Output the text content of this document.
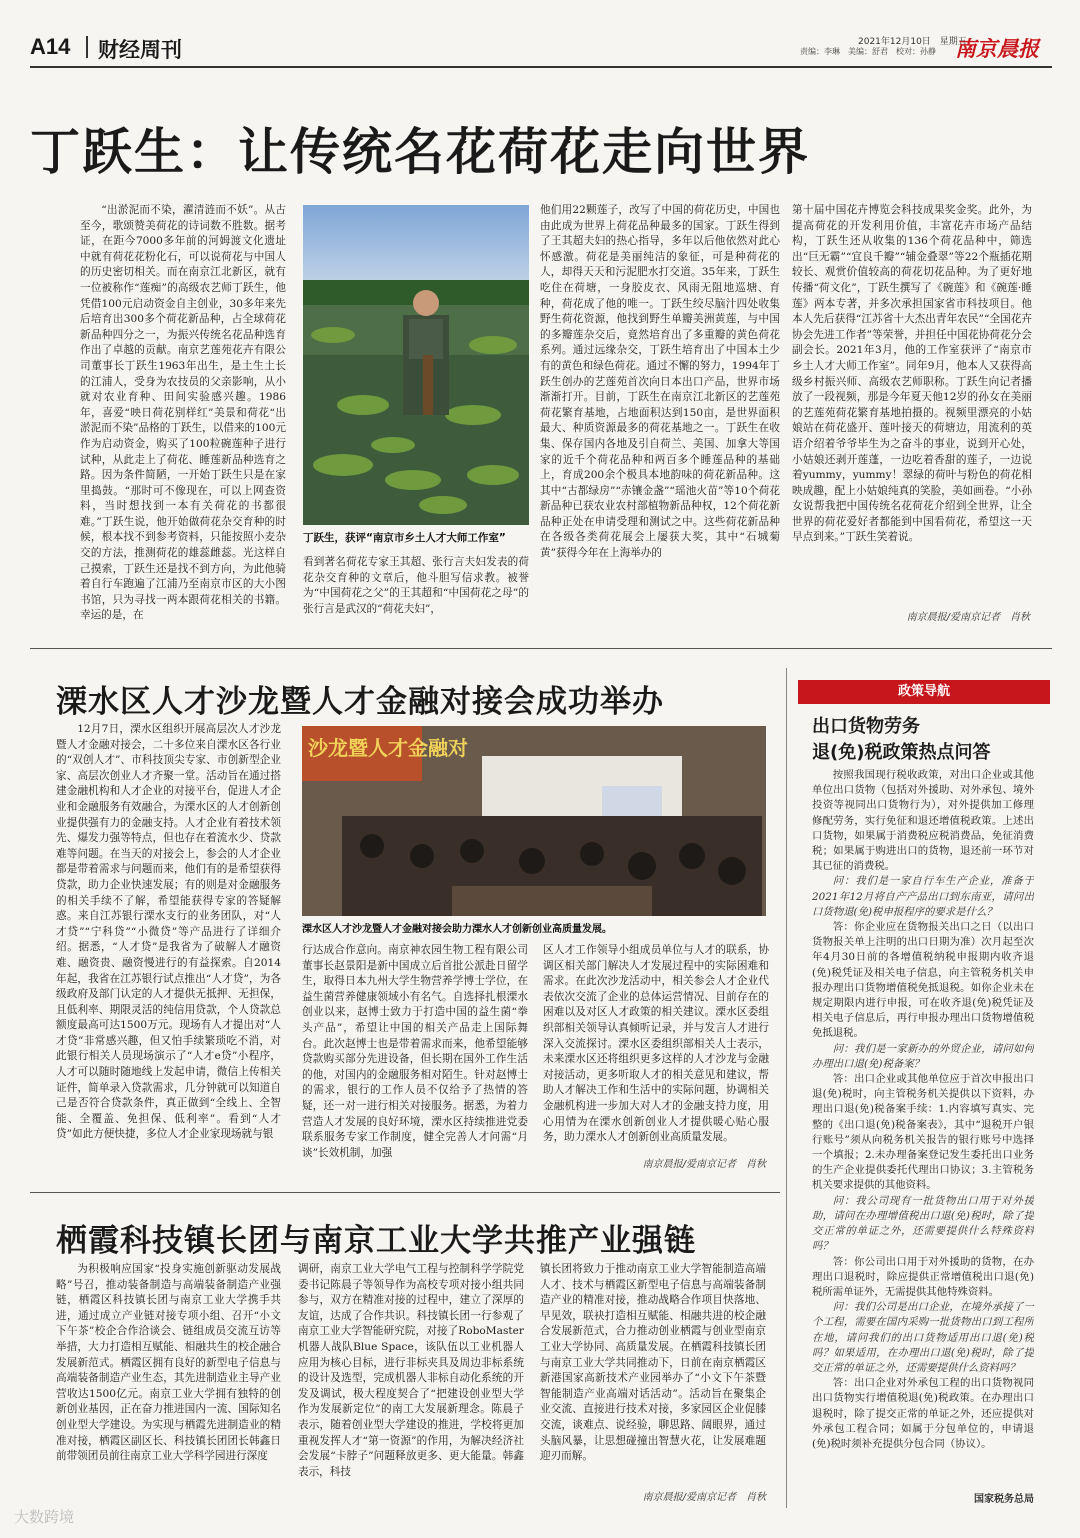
A14 财经周刊	2021年12月10日　星期五
责编：李琳　美编：舒君　校对：孙静 南京晨报
丁跃生：让传统名花荷花走向世界

“出淤泥而不染，濯清涟而不妖”。从古至今，歌颂赞美荷花的诗词数不胜数。据考证，在距今7000多年前的河姆渡文化遗址中就有荷花花粉化石，可以说荷花与中国人的历史密切相关。而在南京江北新区，就有一位被称作“莲痴”的高级农艺师丁跃生，他凭借100元启动资金自主创业，30多年来先后培育出300多个荷花新品种，占全球荷花新品种四分之一，为振兴传统名花品种选育作出了卓越的贡献。南京艺莲苑花卉有限公司董事长丁跃生1963年出生，是土生土长的江浦人，受身为农技员的父亲影响，从小就对农业育种、田间实验感兴趣。1986年，喜爱“映日荷花别样红”美景和荷花“出淤泥而不染”品格的丁跃生，以借来的100元作为启动资金，购买了100粒碗莲种子进行试种，从此走上了荷花、睡莲新品种选育之路。因为条件简陋，一开始丁跃生只是在家里捣鼓。“那时可不像现在，可以上网查资料，当时想找到一本有关荷花的书都很难。”丁跃生说，他开始做荷花杂交育种的时候，根本找不到参考资料，只能按照小麦杂交的方法，推测荷花的雄蕊雌蕊。光这样自己摸索，丁跃生还是找不到方向，为此他骑着自行车跑遍了江浦乃至南京市区的大小图书馆，只为寻找一两本跟荷花相关的书籍。幸运的是，在

丁跃生，获评“南京市乡土人才大师工作室”

看到著名荷花专家王其超、张行言夫妇发表的荷花杂交育种的文章后，他斗胆写信求教。被誉为“中国荷花之父”的王其超和“中国荷花之母”的张行言是武汉的“荷花夫妇”，

他们用22颗莲子，改写了中国的荷花历史，中国也由此成为世界上荷花品种最多的国家。丁跃生得到了王其超夫妇的热心指导，多年以后他依然对此心怀感激。荷花是美丽纯洁的象征，可是种荷花的人，却得天天和污泥肥水打交道。35年来，丁跃生吃住在荷塘，一身胶皮衣、风雨无阻地巡塘、育种，荷花成了他的唯一。丁跃生绞尽脑汁四处收集野生荷花资源，他找到野生单瓣美洲黄莲，与中国的多瓣莲杂交后，竟然培育出了多重瓣的黄色荷花系列。通过远缘杂交，丁跃生培育出了中国本土少有的黄色和绿色荷花。通过不懈的努力，1994年丁跃生创办的艺莲苑首次向日本出口产品，世界市场渐渐打开。目前，丁跃生在南京江北新区的艺莲苑荷花繁育基地，占地面积达到150亩，是世界面积最大、种质资源最多的荷花基地之一。丁跃生在收集、保存国内各地及引自荷兰、美国、加拿大等国家的近千个荷花品种和两百多个睡莲品种的基础上，育成200余个极具本地韵味的荷花新品种。这其中“古都绿房”“赤镶金盏”“瑶池火苗”等10个荷花新品种已获农业农村部植物新品种权，12个荷花新品种正处在申请受理和测试之中。这些荷花新品种在各级各类荷花展会上屡获大奖，其中“石城菊黄”获得今年在上海举办的

第十届中国花卉博览会科技成果奖金奖。此外，为提高荷花的开发利用价值，丰富花卉市场产品结构，丁跃生还从收集的136个荷花品种中，筛选出“巨无霸”“宜良千瓣”“辅金叠翠”等22个瓶插花期较长、观赏价值较高的荷花切花品种。为了更好地传播“荷文化”，丁跃生撰写了《碗莲》和《碗莲·睡莲》两本专著，并多次承担国家省市科技项目。他本人先后获得“江苏省十大杰出青年农民”“全国花卉协会先进工作者”等荣誉，并担任中国花协荷花分会副会长。2021年3月，他的工作室获评了“南京市乡土人才大师工作室”。同年9月，他本人又获得高级乡村振兴师、高级农艺师职称。丁跃生向记者播放了一段视频，那是今年夏天他12岁的孙女在美丽的艺莲苑荷花繁育基地拍摄的。视频里漂亮的小姑娘站在荷花盛开、莲叶接天的荷塘边，用流利的英语介绍着爷爷毕生为之奋斗的事业，说到开心处，小姑娘还剥开莲蓬，一边吃着香甜的莲子，一边说着yummy，yummy！翠绿的荷叶与粉色的荷花相映成趣，配上小姑娘纯真的笑脸，美如画卷。“小孙女说帮我把中国传统名花荷花介绍到全世界，让全世界的荷花爱好者都能到中国看荷花，希望这一天早点到来。”丁跃生笑着说。

南京晨报/爱南京记者　肖秋
溧水区人才沙龙暨人才金融对接会成功举办

12月7日，溧水区组织开展高层次人才沙龙暨人才金融对接会，二十多位来自溧水区各行业的“双创人才”、市科技顶尖专家、市创新型企业家、高层次创业人才齐聚一堂。活动旨在通过搭建金融机构和人才企业的对接平台，促进人才企业和金融服务有效融合，为溧水区的人才创新创业提供强有力的金融支持。人才企业有着技术领先、爆发力强等特点，但也存在着流水少、贷款难等问题。在当天的对接会上，参会的人才企业都是带着需求与问题而来，他们有的是希望获得贷款，助力企业快速发展；有的则是对金融服务的相关手续不了解，希望能获得专家的答疑解惑。来自江苏银行溧水支行的业务团队，对“人才贷”“宁科贷”“小微贷”等产品进行了详细介绍。据悉，“人才贷”是我省为了破解人才融资难、融资贵、融资慢进行的有益探索。自2014年起，我省在江苏银行试点推出“人才贷”，为各级政府及部门认定的人才提供无抵押、无担保，且低利率、期限灵活的纯信用贷款，个人贷款总额度最高可达1500万元。现场有人才提出对“人才贷”非常感兴趣，但又怕手续繁琐吃不消，对此银行相关人员现场演示了“人才e贷”小程序，人才可以随时随地线上发起申请，微信上传相关证件，简单录入贷款需求，几分钟就可以知道自己是否符合贷款条件，真正做到“全线上、全智能、全覆盖、免担保、低利率”。看到“人才贷”如此方便快捷，多位人才企业家现场就与银

沙龙暨人才金融对
溧水区人才沙龙暨人才金融对接会助力溧水人才创新创业高质量发展。

行达成合作意向。南京神农园生物工程有限公司董事长赵景阳是新中国成立后首批公派赴日留学生，取得日本九州大学生物营养学博士学位，在益生菌营养健康领域小有名气。自选择扎根溧水创业以来，赵博士致力于打造中国的益生菌“拳头产品”，希望让中国的相关产品走上国际舞台。此次赵博士也是带着需求而来，他希望能够贷款购买部分先进设备，但长期在国外工作生活的他，对国内的金融服务相对陌生。针对赵博士的需求，银行的工作人员不仅给予了热情的答疑，还一对一进行相关对接服务。据悉，为着力营造人才发展的良好环境，溧水区持续推进党委联系服务专家工作制度，健全完善人才问需“月谈”长效机制，加强

区人才工作领导小组成员单位与人才的联系，协调区相关部门解决人才发展过程中的实际困难和需求。在此次沙龙活动中，相关参会人才企业代表依次交流了企业的总体运营情况、目前存在的困难以及对区人才政策的相关建议。溧水区委组织部相关领导认真倾听记录，并与发言人才进行深入交流探讨。溧水区委组织部相关人士表示，未来溧水区还将组织更多这样的人才沙龙与金融对接活动，更多听取人才的相关意见和建议，帮助人才解决工作和生活中的实际问题，协调相关金融机构进一步加大对人才的金融支持力度，用心用情为在溧水创新创业人才提供暖心贴心服务，助力溧水人才创新创业高质量发展。

南京晨报/爱南京记者　肖秋
政策导航
出口货物劳务
退(免)税政策热点问答

按照我国现行税收政策，对出口企业或其他单位出口货物（包括对外援助、对外承包、境外投资等视同出口货物行为），对外提供加工修理修配劳务，实行免征和退还增值税政策。上述出口货物，如果属于消费税应税消费品，免征消费税；如果属于购进出口的货物，退还前一环节对其已征的消费税。

问：我们是一家自行车生产企业，准备于2021年12月将自产产品出口到东南亚，请问出口货物退(免)税申报程序的要求是什么？

答：你企业应在货物报关出口之日（以出口货物报关单上注明的出口日期为准）次月起至次年4月30日前的各增值税纳税申报期内收齐退(免)税凭证及相关电子信息，向主管税务机关申报办理出口货物增值税免抵退税。如你企业未在规定期限内进行申报，可在收齐退(免)税凭证及相关电子信息后，再行申报办理出口货物增值税免抵退税。

问：我们是一家新办的外贸企业，请问如何办理出口退(免)税备案？

答：出口企业或其他单位应于首次申报出口退(免)税时，向主管税务机关提供以下资料，办理出口退(免)税备案手续：1.内容填写真实、完整的《出口退(免)税备案表》，其中“退税开户银行账号”须从向税务机关报告的银行账号中选择一个填报；2.未办理备案登记发生委托出口业务的生产企业提供委托代理出口协议；3.主管税务机关要求提供的其他资料。

问：我公司现有一批货物出口用于对外援助，请问在办理增值税出口退(免)税时，除了提交正常的单证之外，还需要提供什么特殊资料吗？

答：你公司出口用于对外援助的货物，在办理出口退税时，除应提供正常增值税出口退(免)税所需单证外，无需提供其他特殊资料。

问：我们公司是出口企业，在境外承接了一个工程，需要在国内采购一批货物出口到工程所在地，请问我们的出口货物适用出口退(免)税吗？如果适用，在办理出口退(免)税时，除了提交正常的单证之外，还需要提供什么资料吗？

答：出口企业对外承包工程的出口货物视同出口货物实行增值税退(免)税政策。在办理出口退税时，除了提交正常的单证之外，还应提供对外承包工程合同；如属于分包单位的，申请退(免)税时须补充提供分包合同（协议）。

国家税务总局
栖霞科技镇长团与南京工业大学共推产业强链

为积极响应国家“投身实施创新驱动发展战略”号召，推动装备制造与高端装备制造产业强链，栖霞区科技镇长团与南京工业大学携手共进，通过成立产业链对接专项小组、召开“小文下午茶”校企合作洽谈会、链组成员交流互访等举措，大力打造相互赋能、相融共生的校企融合发展新范式。栖霞区拥有良好的新型电子信息与高端装备制造产业生态，其先进制造业主导产业营收达1500亿元。南京工业大学拥有独特的创新创业基因，正在奋力推进国内一流、国际知名创业型大学建设。为实现与栖霞先进制造业的精准对接，栖霞区副区长、科技镇长团团长韩鑫日前带领团员前往南京工业大学科学园进行深度

调研，南京工业大学电气工程与控制科学学院党委书记陈晨子等领导作为高校专项对接小组共同参与，双方在精准对接的过程中，建立了深厚的友谊，达成了合作共识。科技镇长团一行参观了南京工业大学智能研究院，对接了RoboMaster机器人战队Blue Space，该队伍以工业机器人应用为核心目标，进行非标夹具及周边非标系统的设计及选型，完成机器人非标自动化系统的开发及调试，极大程度契合了“把建设创业型大学作为发展新定位”的南工大发展新理念。陈晨子表示，随着创业型大学建设的推进，学校将更加重视发挥人才“第一资源”的作用，为解决经济社会发展“卡脖子”问题释放更多、更大能量。韩鑫表示，科技

镇长团将致力于推动南京工业大学智能制造高端人才、技术与栖霞区新型电子信息与高端装备制造产业的精准对接，推动战略合作项目快落地、早见效，联袂打造相互赋能、相融共进的校企融合发展新范式，合力推动创业栖霞与创业型南京工业大学协同、高质量发展。在栖霞科技镇长团与南京工业大学共同推动下，日前在南京栖霞区新港国家高新技术产业园举办了“小文下午茶暨智能制造产业高端对话活动”。活动旨在聚集企业交流、直接进行技术对接，多家园区企业促膝交流，谈难点、说经验，聊思路、阔眼界，通过头脑风暴，让思想碰撞出智慧火花，让发展难题迎刃而解。

南京晨报/爱南京记者　肖秋
大数跨境
